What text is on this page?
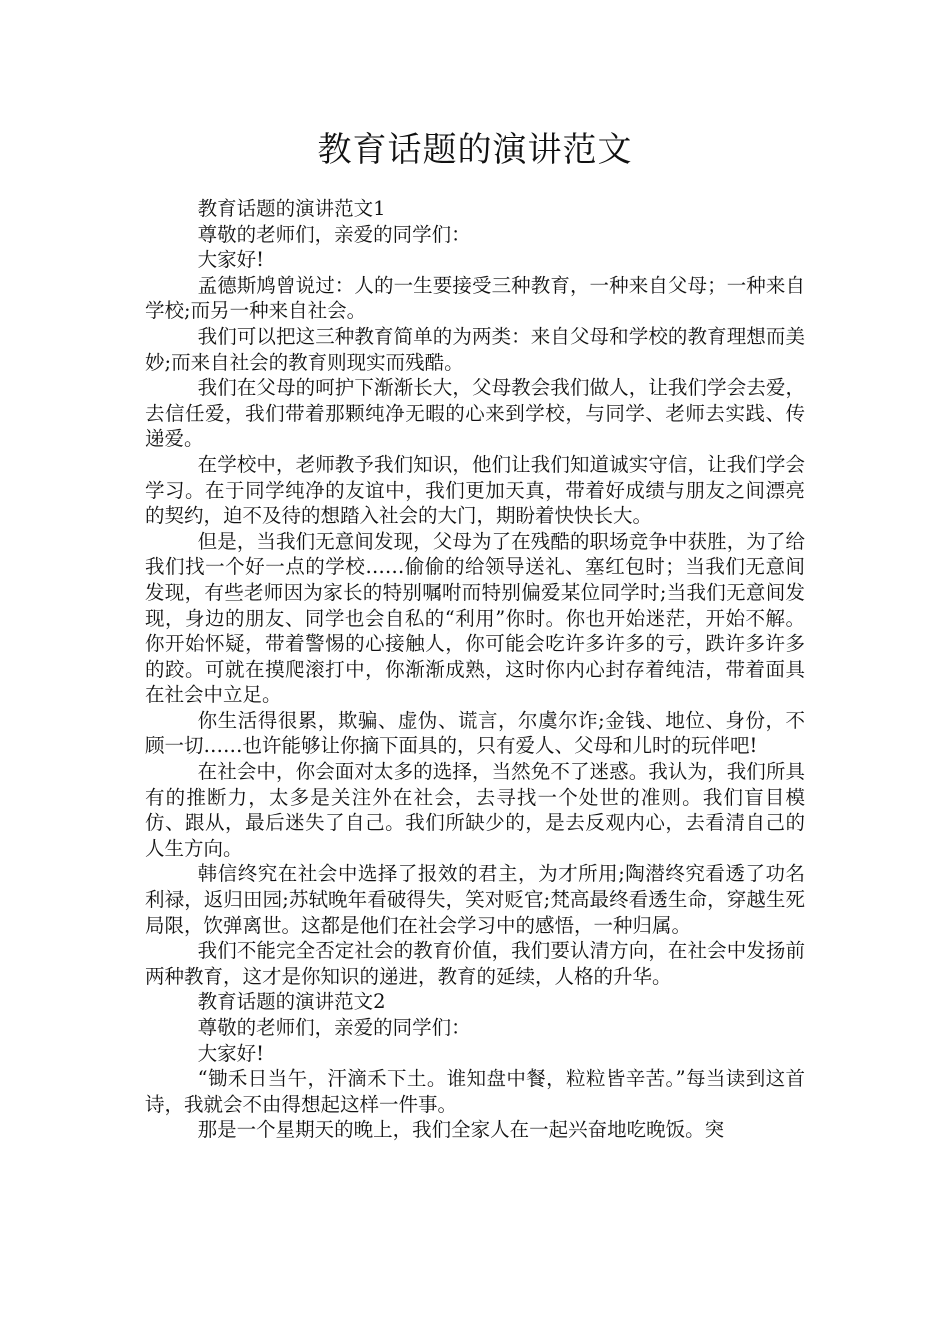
教育话题的演讲范文

教育话题的演讲范文1

尊敬的老师们，亲爱的同学们：

大家好!

孟德斯鸠曾说过：人的一生要接受三种教育，一种来自父母；一种来自学校;而另一种来自社会。

我们可以把这三种教育简单的为两类：来自父母和学校的教育理想而美妙;而来自社会的教育则现实而残酷。

我们在父母的呵护下渐渐长大，父母教会我们做人，让我们学会去爱，去信任爱，我们带着那颗纯净无暇的心来到学校，与同学、老师去实践、传递爱。

在学校中，老师教予我们知识，他们让我们知道诚实守信，让我们学会学习。在于同学纯净的友谊中，我们更加天真，带着好成绩与朋友之间漂亮的契约，迫不及待的想踏入社会的大门，期盼着快快长大。

但是，当我们无意间发现，父母为了在残酷的职场竞争中获胜，为了给我们找一个好一点的学校……偷偷的给领导送礼、塞红包时；当我们无意间发现，有些老师因为家长的特别嘱咐而特别偏爱某位同学时;当我们无意间发现，身边的朋友、同学也会自私的“利用”你时。你也开始迷茫，开始不解。你开始怀疑，带着警惕的心接触人，你可能会吃许多许多的亏，跌许多许多的跤。可就在摸爬滚打中，你渐渐成熟，这时你内心封存着纯洁，带着面具在社会中立足。

你生活得很累，欺骗、虚伪、谎言，尔虞尔诈;金钱、地位、身份，不顾一切……也许能够让你摘下面具的，只有爱人、父母和儿时的玩伴吧!

在社会中，你会面对太多的选择，当然免不了迷惑。我认为，我们所具有的推断力，太多是关注外在社会，去寻找一个处世的准则。我们盲目模仿、跟从，最后迷失了自己。我们所缺少的，是去反观内心，去看清自己的人生方向。

韩信终究在社会中选择了报效的君主，为才所用;陶潜终究看透了功名利禄，返归田园;苏轼晚年看破得失，笑对贬官;梵高最终看透生命，穿越生死局限，饮弹离世。这都是他们在社会学习中的感悟，一种归属。

我们不能完全否定社会的教育价值，我们要认清方向，在社会中发扬前两种教育，这才是你知识的递进，教育的延续，人格的升华。

教育话题的演讲范文2

尊敬的老师们，亲爱的同学们：

大家好!

“锄禾日当午，汗滴禾下土。谁知盘中餐，粒粒皆辛苦。”每当读到这首诗，我就会不由得想起这样一件事。

那是一个星期天的晚上，我们全家人在一起兴奋地吃晚饭。突
